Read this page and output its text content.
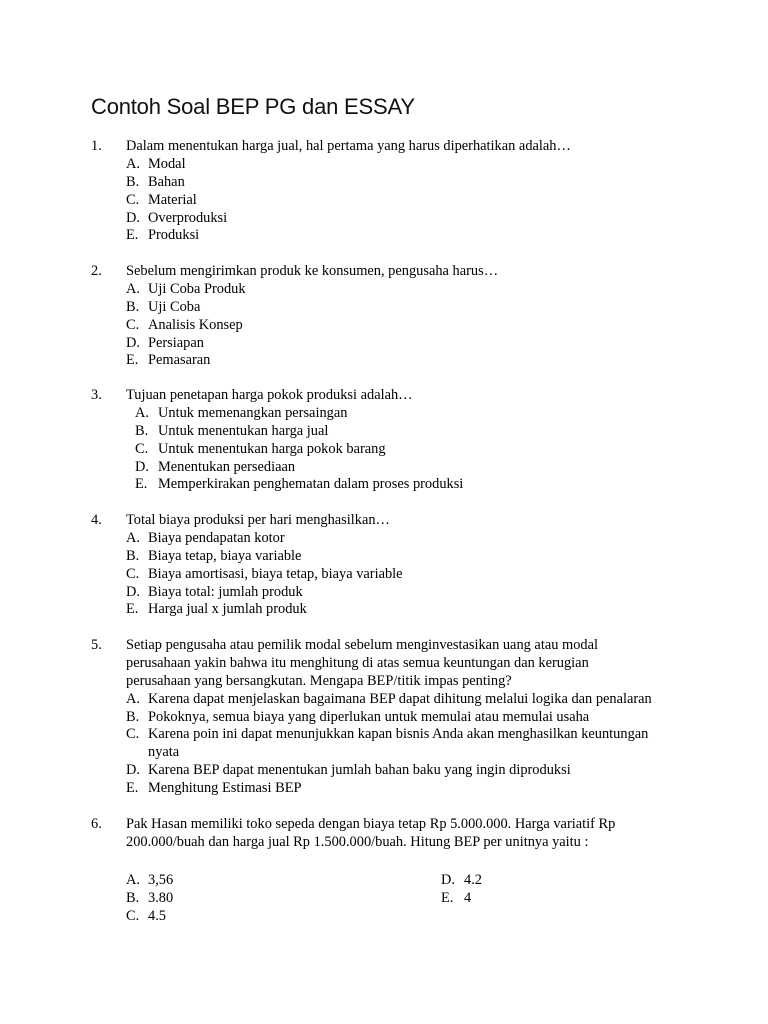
Contoh Soal BEP PG dan ESSAY
1. Dalam menentukan harga jual, hal pertama yang harus diperhatikan adalah…
A. Modal
B. Bahan
C. Material
D. Overproduksi
E. Produksi
2. Sebelum mengirimkan produk ke konsumen, pengusaha harus…
A. Uji Coba Produk
B. Uji Coba
C. Analisis Konsep
D. Persiapan
E. Pemasaran
3. Tujuan penetapan harga pokok produksi adalah…
A. Untuk memenangkan persaingan
B. Untuk menentukan harga jual
C. Untuk menentukan harga pokok barang
D. Menentukan persediaan
E. Memperkirakan penghematan dalam proses produksi
4. Total biaya produksi per hari menghasilkan…
A. Biaya pendapatan kotor
B. Biaya tetap, biaya variable
C. Biaya amortisasi, biaya tetap, biaya variable
D. Biaya total: jumlah produk
E. Harga jual x jumlah produk
5. Setiap pengusaha atau pemilik modal sebelum menginvestasikan uang atau modal
perusahaan yakin bahwa itu menghitung di atas semua keuntungan dan kerugian
perusahaan yang bersangkutan. Mengapa BEP/titik impas penting?
A. Karena dapat menjelaskan bagaimana BEP dapat dihitung melalui logika dan penalaran
B. Pokoknya, semua biaya yang diperlukan untuk memulai atau memulai usaha
C. Karena poin ini dapat menunjukkan kapan bisnis Anda akan menghasilkan keuntungan
nyata
D. Karena BEP dapat menentukan jumlah bahan baku yang ingin diproduksi
E. Menghitung Estimasi BEP
6. Pak Hasan memiliki toko sepeda dengan biaya tetap Rp 5.000.000. Harga variatif Rp
200.000/buah dan harga jual Rp 1.500.000/buah. Hitung BEP per unitnya yaitu :
A. 3,56
B. 3.80
C. 4.5
D. 4.2
E. 4
